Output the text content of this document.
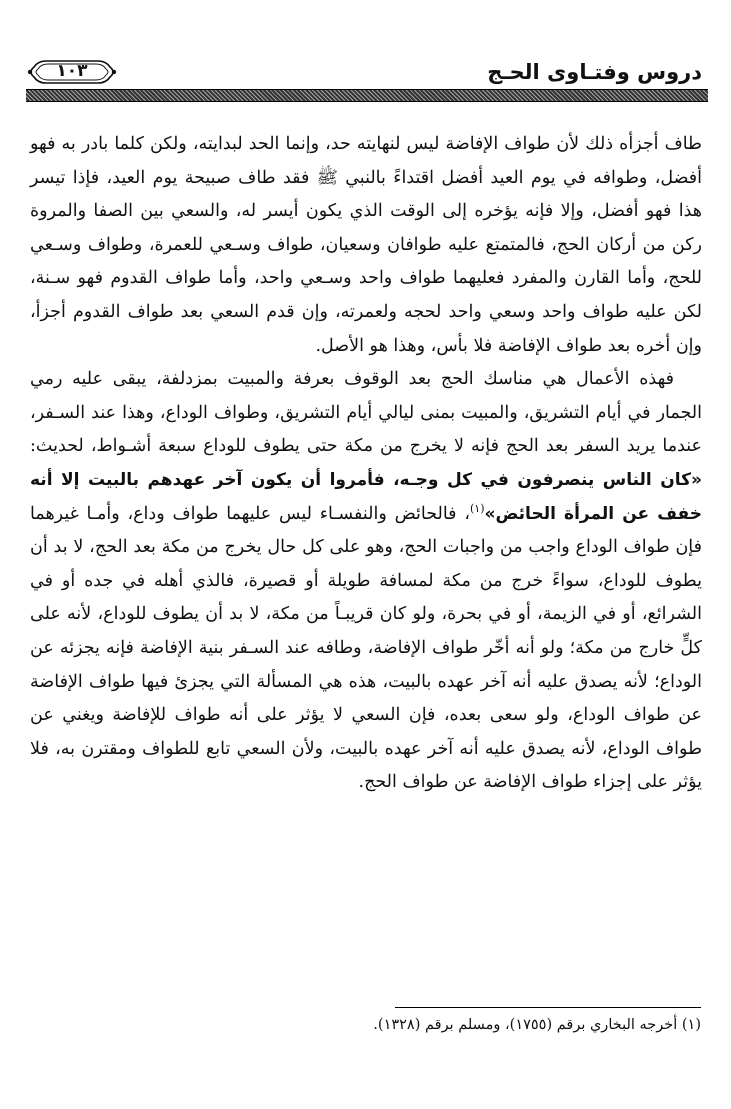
دروس وفتـاوى الحـج
١٠٣

طاف أجزأه ذلك لأن طواف الإفاضة ليس لنهايته حد، وإنما الحد لبدايته، ولكن كلما بادر به فهو أفضل، وطوافه في يوم العيد أفضل اقتداءً بالنبي ﷺ فقد طاف صبيحة يوم العيد، فإذا تيسر هذا فهو أفضل، وإلا فإنه يؤخره إلى الوقت الذي يكون أيسر له، والسعي بين الصفا والمروة ركن من أركان الحج، فالمتمتع عليه طوافان وسعيان، طواف وسـعي للعمرة، وطواف وسـعي للحج، وأما القارن والمفرد فعليهما طواف واحد وسـعي واحد، وأما طواف القدوم فهو سـنة، لكن عليه طواف واحد وسعي واحد لحجه ولعمرته، وإن قدم السعي بعد طواف القدوم أجزأ، وإن أخره بعد طواف الإفاضة فلا بأس، وهذا هو الأصل.

فهذه الأعمال هي مناسك الحج بعد الوقوف بعرفة والمبيت بمزدلفة، يبقى عليه رمي الجمار في أيام التشريق، والمبيت بمنى ليالي أيام التشريق، وطواف الوداع، وهذا عند السـفر، عندما يريد السفر بعد الحج فإنه لا يخرج من مكة حتى يطوف للوداع سبعة أشـواط، لحديث: «كان الناس ينصرفون في كل وجـه، فأمروا أن يكون آخر عهدهم بالبيت إلا أنه خفف عن المرأة الحائض»$^{(١)}$، فالحائض والنفسـاء ليس عليهما طواف وداع، وأمـا غيرهما فإن طواف الوداع واجب من واجبات الحج، وهو على كل حال يخرج من مكة بعد الحج، لا بد أن يطوف للوداع، سواءً خرج من مكة لمسافة طويلة أو قصيرة، فالذي أهله في جده أو في الشرائع، أو في الزيمة، أو في بحرة، ولو كان قريبـاً من مكة، لا بد أن يطوف للوداع، لأنه على كلٍّ خارج من مكة؛ ولو أنه أخّر طواف الإفاضة، وطافه عند السـفر بنية الإفاضة فإنه يجزئه عن الوداع؛ لأنه يصدق عليه أنه آخر عهده بالبيت، هذه هي المسألة التي يجزئ فيها طواف الإفاضة عن طواف الوداع، ولو سعى بعده، فإن السعي لا يؤثر على أنه طواف للإفاضة ويغني عن طواف الوداع، لأنه يصدق عليه أنه آخر عهده بالبيت، ولأن السعي تابع للطواف ومقترن به، فلا يؤثر على إجزاء طواف الإفاضة عن طواف الحج.

(١) أخرجه البخاري برقم (١٧٥٥)، ومسلم برقم (١٣٢٨).
